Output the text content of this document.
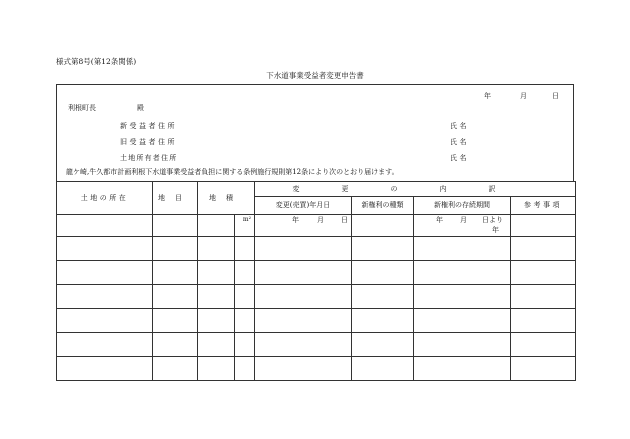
様式第8号(第12条関係)
下水道事業受益者変更申告書
年	月	日
利根町長	殿
新受益者住所	氏名
旧受益者住所	氏名
土地所有者住所	氏名
龍ケ崎,牛久都市計画利根下水道事業受益者負担に関する条例施行規則第12条により次のとおり届けます。
土地の所在	地目	地積		変更の内訳			
				変更(売買)年月日	新権利の種類	新権利の存続期間	参考事項
			m²	年 月 日		年 月 日より
年	
